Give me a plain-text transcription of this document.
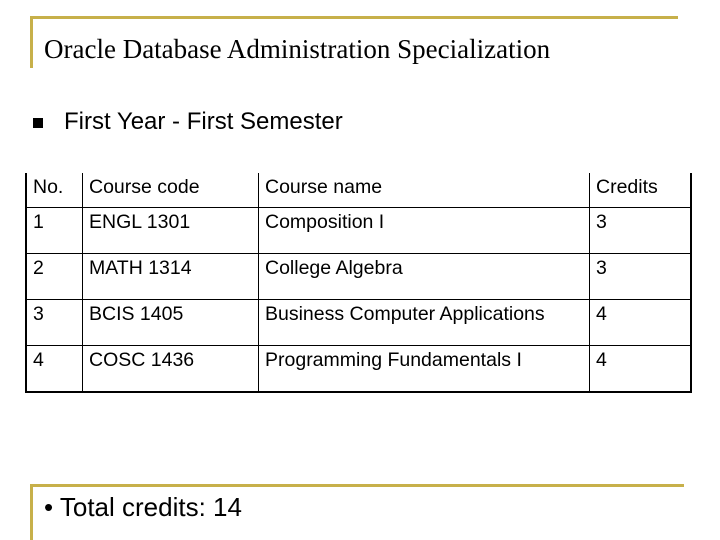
Oracle Database Administration Specialization
First Year - First Semester
No.	Course code	Course name	Credits
1	ENGL 1301	Composition I	3
2	MATH 1314	College Algebra	3
3	BCIS 1405	Business Computer Applications	4
4	COSC 1436	Programming Fundamentals I	4
• Total credits: 14
